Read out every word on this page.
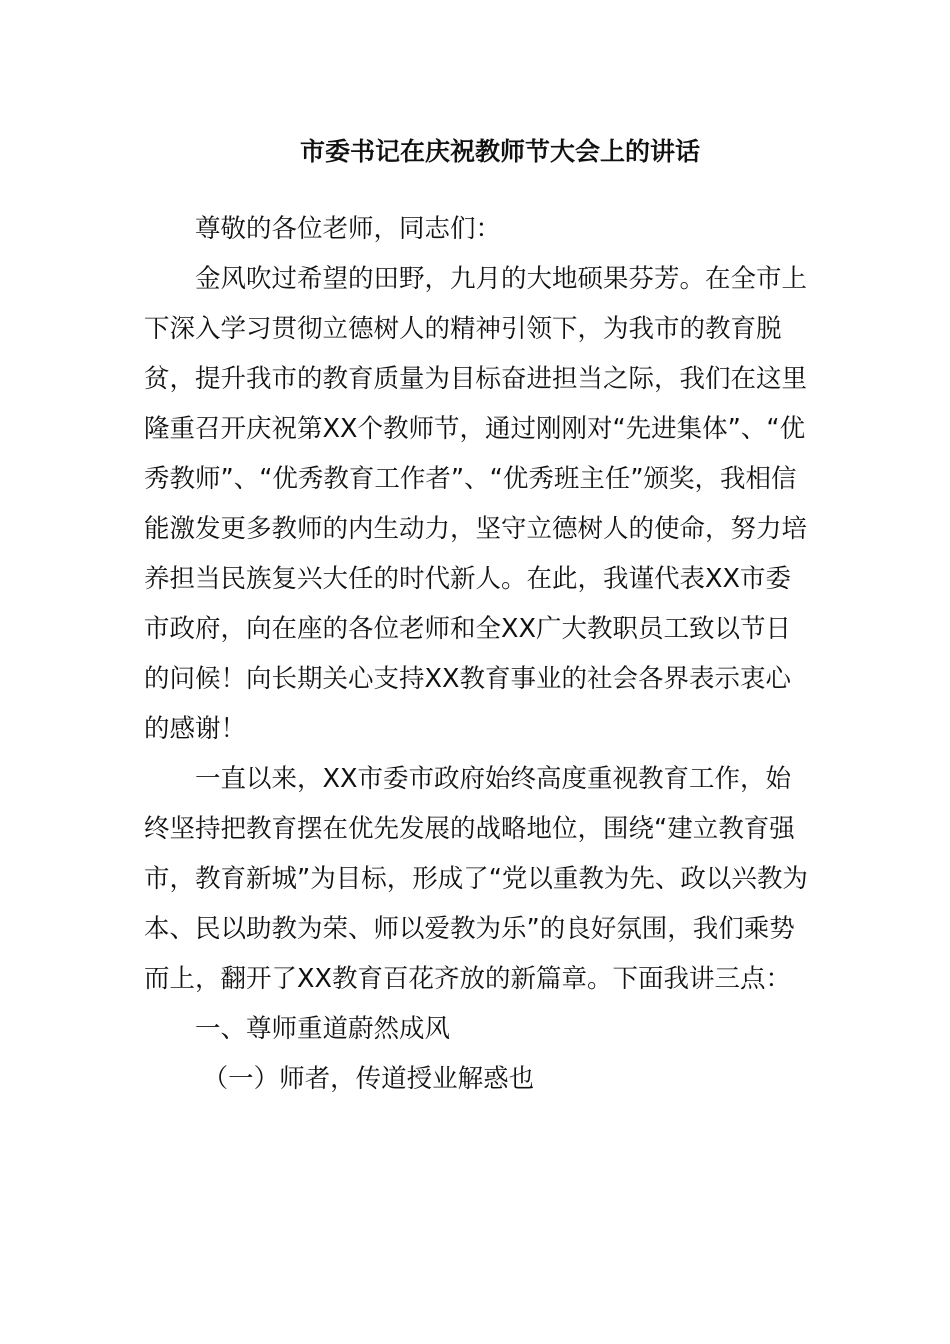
市委书记在庆祝教师节大会上的讲话

尊敬的各位老师，同志们：

金风吹过希望的田野，九月的大地硕果芬芳。在全市上下深入学习贯彻立德树人的精神引领下，为我市的教育脱贫，提升我市的教育质量为目标奋进担当之际，我们在这里隆重召开庆祝第XX个教师节，通过刚刚对“先进集体”、“优秀教师”、“优秀教育工作者”、“优秀班主任”颁奖，我相信能激发更多教师的内生动力，坚守立德树人的使命，努力培养担当民族复兴大任的时代新人。在此，我谨代表XX市委市政府，向在座的各位老师和全XX广大教职员工致以节日的问候！向长期关心支持XX教育事业的社会各界表示衷心的感谢！

一直以来，XX市委市政府始终高度重视教育工作，始终坚持把教育摆在优先发展的战略地位，围绕“建立教育强市，教育新城”为目标，形成了“党以重教为先、政以兴教为本、民以助教为荣、师以爱教为乐”的良好氛围，我们乘势而上，翻开了XX教育百花齐放的新篇章。下面我讲三点：

一、尊师重道蔚然成风

（一）师者，传道授业解惑也
